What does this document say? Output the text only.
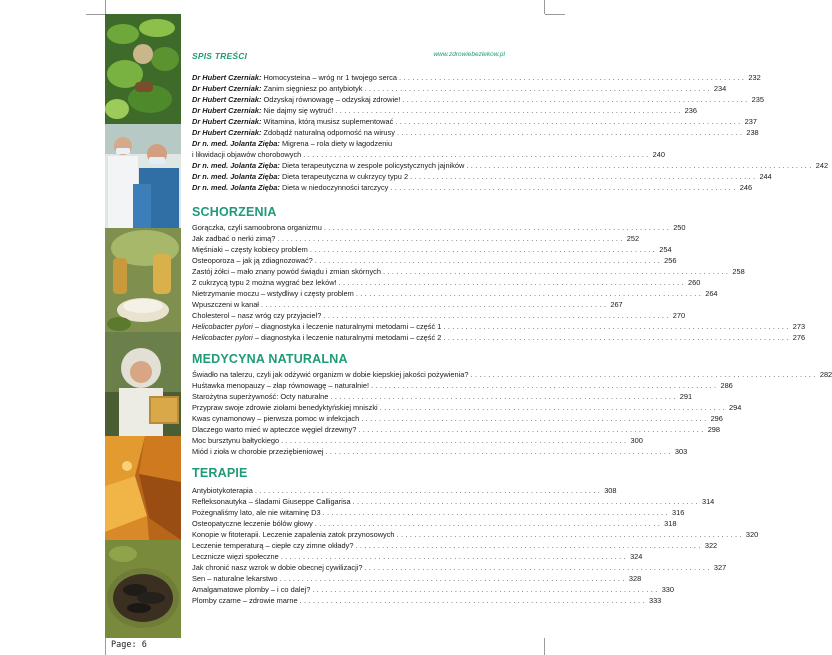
SPIS TREŚCI	www.zdrowiebezlekow.pl
Dr Hubert Czerniak: Homocysteina – wróg nr 1 twojego serca .............................................................................. 232
Dr Hubert Czerniak: Zanim sięgniesz po antybiotyk .............................................................................. 234
Dr Hubert Czerniak: Odzyskaj równowagę – odzyskaj zdrowie! .............................................................................. 235
Dr Hubert Czerniak: Nie dajmy się wytruć! .............................................................................. 236
Dr Hubert Czerniak: Witamina, którą musisz suplementować .............................................................................. 237
Dr Hubert Czerniak: Zdobądź naturalną odporność na wirusy .............................................................................. 238
Dr n. med. Jolanta Zięba: Migrena – rola diety w łagodzeniu
i likwidacji objawów chorobowych .............................................................................. 240
Dr n. med. Jolanta Zięba: Dieta terapeutyczna w zespole policystycznych jajników .............................................................................. 242
Dr n. med. Jolanta Zięba: Dieta terapeutyczna w cukrzycy typu 2 .............................................................................. 244
Dr n. med. Jolanta Zięba: Dieta w niedoczynności tarczycy .............................................................................. 246
SCHORZENIA
Gorączka, czyli samoobrona organizmu .............................................................................. 250
Jak zadbać o nerki zimą? .............................................................................. 252
Mięśniaki – częsty kobiecy problem .............................................................................. 254
Osteoporoza – jak ją zdiagnozować? .............................................................................. 256
Zastój żółci – mało znany powód świądu i zmian skórnych .............................................................................. 258
Z cukrzycą typu 2 można wygrać bez leków! .............................................................................. 260
Nietrzymanie moczu – wstydliwy i częsty problem .............................................................................. 264
Wpuszczeni w kanał .............................................................................. 267
Cholesterol – nasz wróg czy przyjaciel? .............................................................................. 270
Helicobacter pylori – diagnostyka i leczenie naturalnymi metodami – część 1 .............................................................................. 273
Helicobacter pylori – diagnostyka i leczenie naturalnymi metodami – część 2 .............................................................................. 276
MEDYCYNA NATURALNA
Świadło na talerzu, czyli jak odżywić organizm w dobie kiepskiej jakości pożywienia? .............................................................................. 282
Huśtawka menopauzy – złap równowagę – naturalnie! .............................................................................. 286
Starożytna superżywność: Octy naturalne .............................................................................. 291
Przypraw swoje zdrowie ziołami benedyktyńskiej mniszki .............................................................................. 294
Kwas cynamonowy – pierwsza pomoc w infekcjach .............................................................................. 296
Dlaczego warto mieć w apteczce węgiel drzewny? .............................................................................. 298
Moc bursztynu bałtyckiego .............................................................................. 300
Miód i zioła w chorobie przeziębieniowej .............................................................................. 303
TERAPIE
Antybiotykoterapia .............................................................................. 308
Refleksonautyka – śladami Giuseppe Calligarisa .............................................................................. 314
Pożegnaliśmy lato, ale nie witaminę D3 .............................................................................. 316
Osteopatyczne leczenie bólów głowy .............................................................................. 318
Konopie w fitoterapii. Leczenie zapalenia zatok przynosowych .............................................................................. 320
Leczenie temperaturą – ciepłe czy zimne okłady? .............................................................................. 322
Lecznicze więzi społeczne .............................................................................. 324
Jak chronić nasz wzrok w dobie obecnej cywilizacji? .............................................................................. 327
Sen – naturalne lekarstwo .............................................................................. 328
Amalgamatowe plomby – i co dalej? .............................................................................. 330
Plomby czarne – zdrowie marne .............................................................................. 333
Page: 6
